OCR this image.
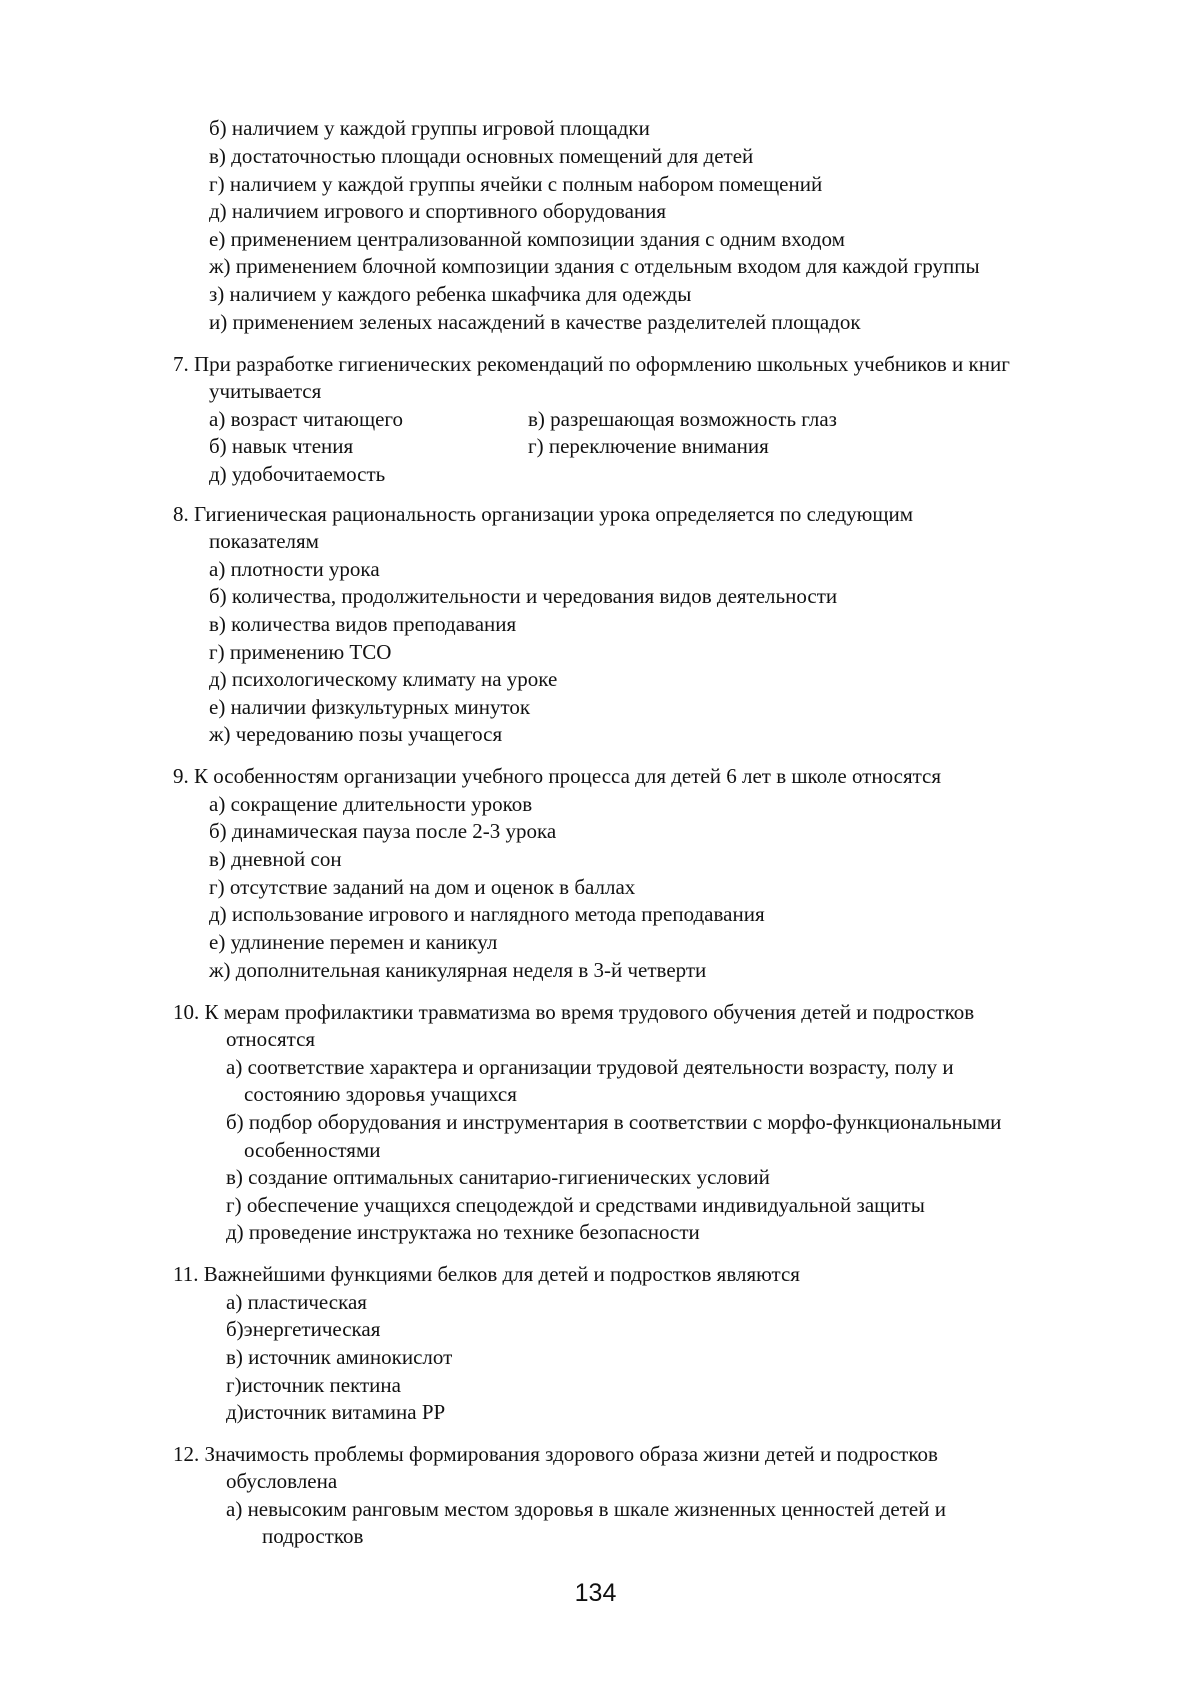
б) наличием у каждой группы игровой площадки
в) достаточностью площади основных помещений для детей
г) наличием у каждой группы ячейки с полным набором помещений
д) наличием игрового и спортивного оборудования
е) применением централизованной композиции здания с одним входом
ж) применением блочной композиции здания с отдельным входом для каждой группы
з) наличием у каждого ребенка шкафчика для одежды
и) применением зеленых насаждений в качестве разделителей площадок
7. При разработке гигиенических рекомендаций по оформлению школьных учебников и книг
учитывается
а) возраст читающего	в) разрешающая возможность глаз
б) навык чтения	г) переключение внимания
д) удобочитаемость
8. Гигиеническая рациональность организации урока определяется по следующим
показателям
а) плотности урока
б) количества, продолжительности и чередования видов деятельности
в) количества видов преподавания
г) применению ТСО
д) психологическому климату на уроке
е) наличии физкультурных минуток
ж) чередованию позы учащегося
9. К особенностям организации учебного процесса для детей 6 лет в школе относятся
а) сокращение длительности уроков
б) динамическая пауза после 2-3 урока
в) дневной сон
г) отсутствие заданий на дом и оценок в баллах
д) использование игрового и наглядного метода преподавания
е) удлинение перемен и каникул
ж) дополнительная каникулярная неделя в 3-й четверти
10. К мерам профилактики травматизма во время трудового обучения детей и подростков
относятся
а) соответствие характера и организации трудовой деятельности возрасту, полу и
состоянию здоровья учащихся
б) подбор оборудования и инструментария в соответствии с морфо-функциональными
особенностями
в) создание оптимальных санитарио-гигиенических условий
г) обеспечение учащихся спецодеждой и средствами индивидуальной защиты
д) проведение инструктажа но технике безопасности
11. Важнейшими функциями белков для детей и подростков являются
а) пластическая
б)энергетическая
в) источник аминокислот
г)источник пектина
д)источник витамина РР
12. Значимость проблемы формирования здорового образа жизни детей и подростков
обусловлена
а) невысоким ранговым местом здоровья в шкале жизненных ценностей детей и
подростков
134
